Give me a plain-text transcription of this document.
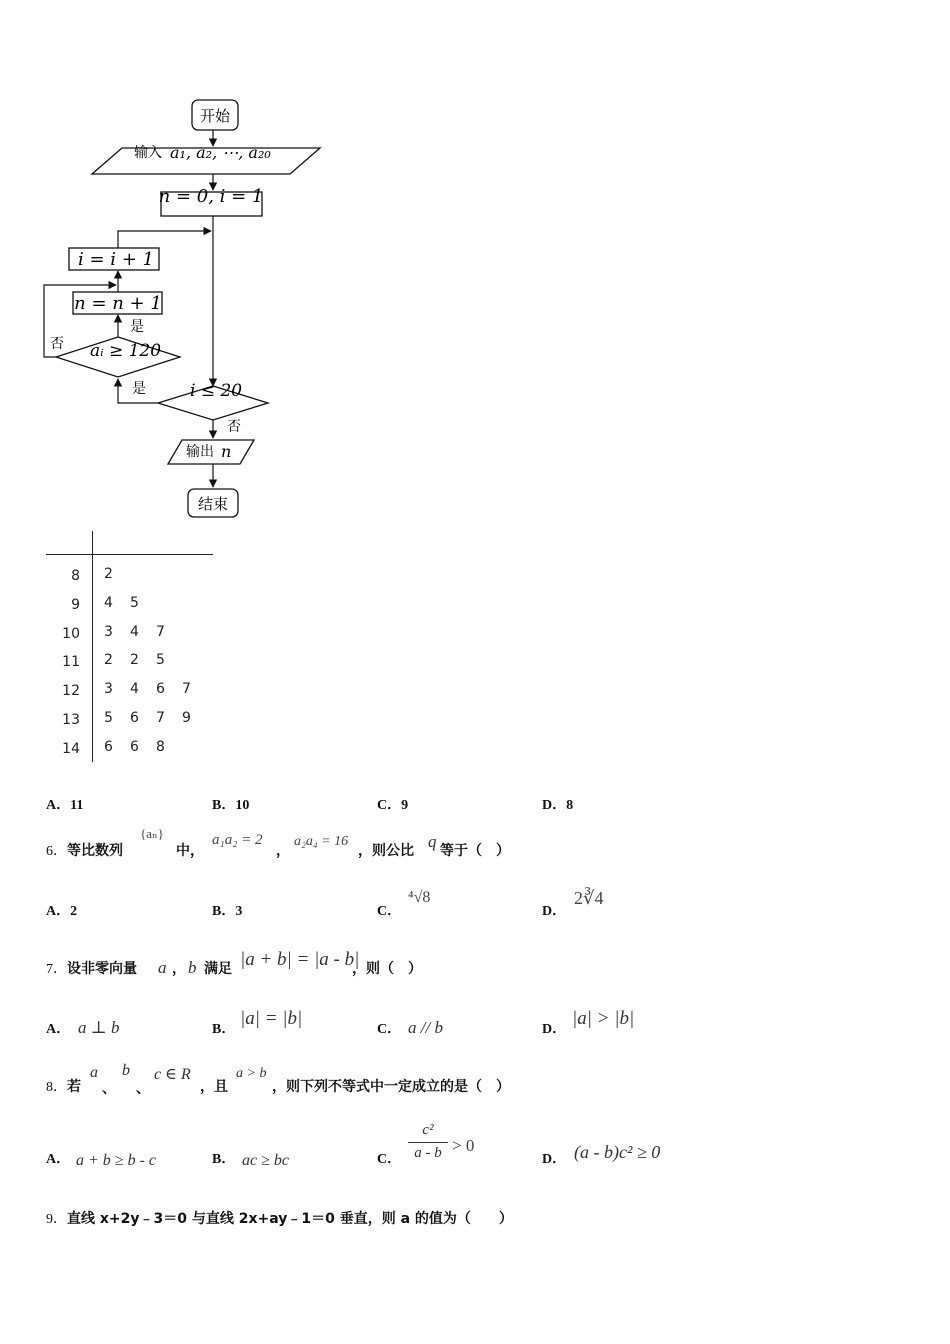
开始
输入 a₁, a₂, ⋯, a₂₀
n = 0, i = 1
i = i + 1
n = n + 1
aᵢ ≥ 120
是
否
i ≤ 20
是
否
输出 n
结束
8 2
9 4 5
10 3 4 7
11 2 2 5
12 3 4 6 7
13 5 6 7 9
14 6 6 8
A．11	B．10	C．9	D．8
6．等比数列
{aₙ}
中，
a₁a₂ = 2
，
a₂a₄ = 16
，则公比 q 等于（　）
A．2	B．3	C．
⁴√8
D．
2∛4
7．设非零向量 a ， b 满足 |a + b| = |a - b|
，则（　）
A． a ⊥ b	B．
|a| = |b|
C． a // b	D．
|a| > |b|
8．若
a
、
b
、
c ∈ R
，且
a > b
，则下列不等式中一定成立的是（　）
A． a + b ≥ b - c	B． ac ≥ bc	C．
c²
a - b > 0
D． (a - b)c² ≥ 0
9．直线 x+2y﹣3＝0 与直线 2x+ay﹣1＝0 垂直，则 a 的值为（　　）
